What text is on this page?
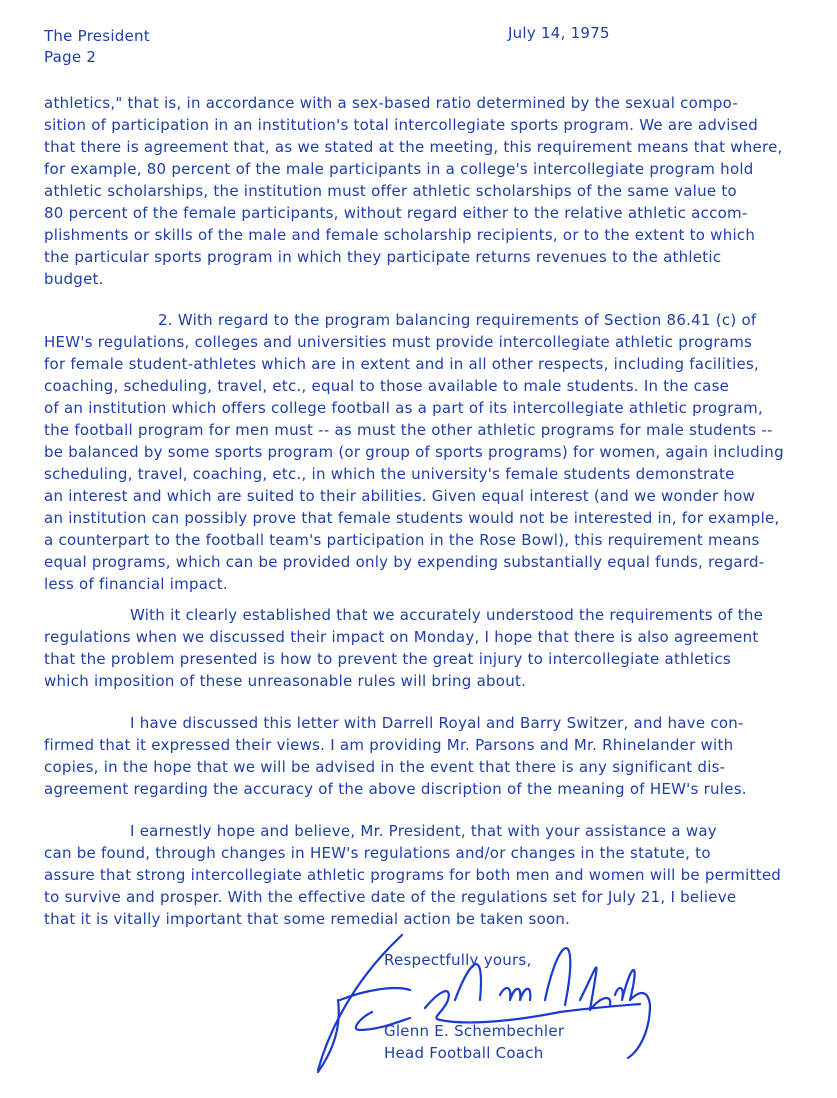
The President
Page 2
July 14, 1975
athletics," that is, in accordance with a sex-based ratio determined by the sexual compo-
sition of participation in an institution's total intercollegiate sports program. We are advised
that there is agreement that, as we stated at the meeting, this requirement means that where,
for example, 80 percent of the male participants in a college's intercollegiate program hold
athletic scholarships, the institution must offer athletic scholarships of the same value to
80 percent of the female participants, without regard either to the relative athletic accom-
plishments or skills of the male and female scholarship recipients, or to the extent to which
the particular sports program in which they participate returns revenues to the athletic
budget.
2. With regard to the program balancing requirements of Section 86.41 (c) of
HEW's regulations, colleges and universities must provide intercollegiate athletic programs
for female student-athletes which are in extent and in all other respects, including facilities,
coaching, scheduling, travel, etc., equal to those available to male students. In the case
of an institution which offers college football as a part of its intercollegiate athletic program,
the football program for men must -- as must the other athletic programs for male students --
be balanced by some sports program (or group of sports programs) for women, again including
scheduling, travel, coaching, etc., in which the university's female students demonstrate
an interest and which are suited to their abilities. Given equal interest (and we wonder how
an institution can possibly prove that female students would not be interested in, for example,
a counterpart to the football team's participation in the Rose Bowl), this requirement means
equal programs, which can be provided only by expending substantially equal funds, regard-
less of financial impact.
With it clearly established that we accurately understood the requirements of the
regulations when we discussed their impact on Monday, I hope that there is also agreement
that the problem presented is how to prevent the great injury to intercollegiate athletics
which imposition of these unreasonable rules will bring about.
I have discussed this letter with Darrell Royal and Barry Switzer, and have con-
firmed that it expressed their views. I am providing Mr. Parsons and Mr. Rhinelander with
copies, in the hope that we will be advised in the event that there is any significant dis-
agreement regarding the accuracy of the above discription of the meaning of HEW's rules.
I earnestly hope and believe, Mr. President, that with your assistance a way
can be found, through changes in HEW's regulations and/or changes in the statute, to
assure that strong intercollegiate athletic programs for both men and women will be permitted
to survive and prosper. With the effective date of the regulations set for July 21, I believe
that it is vitally important that some remedial action be taken soon.
Respectfully yours,
Glenn E. Schembechler
Head Football Coach
